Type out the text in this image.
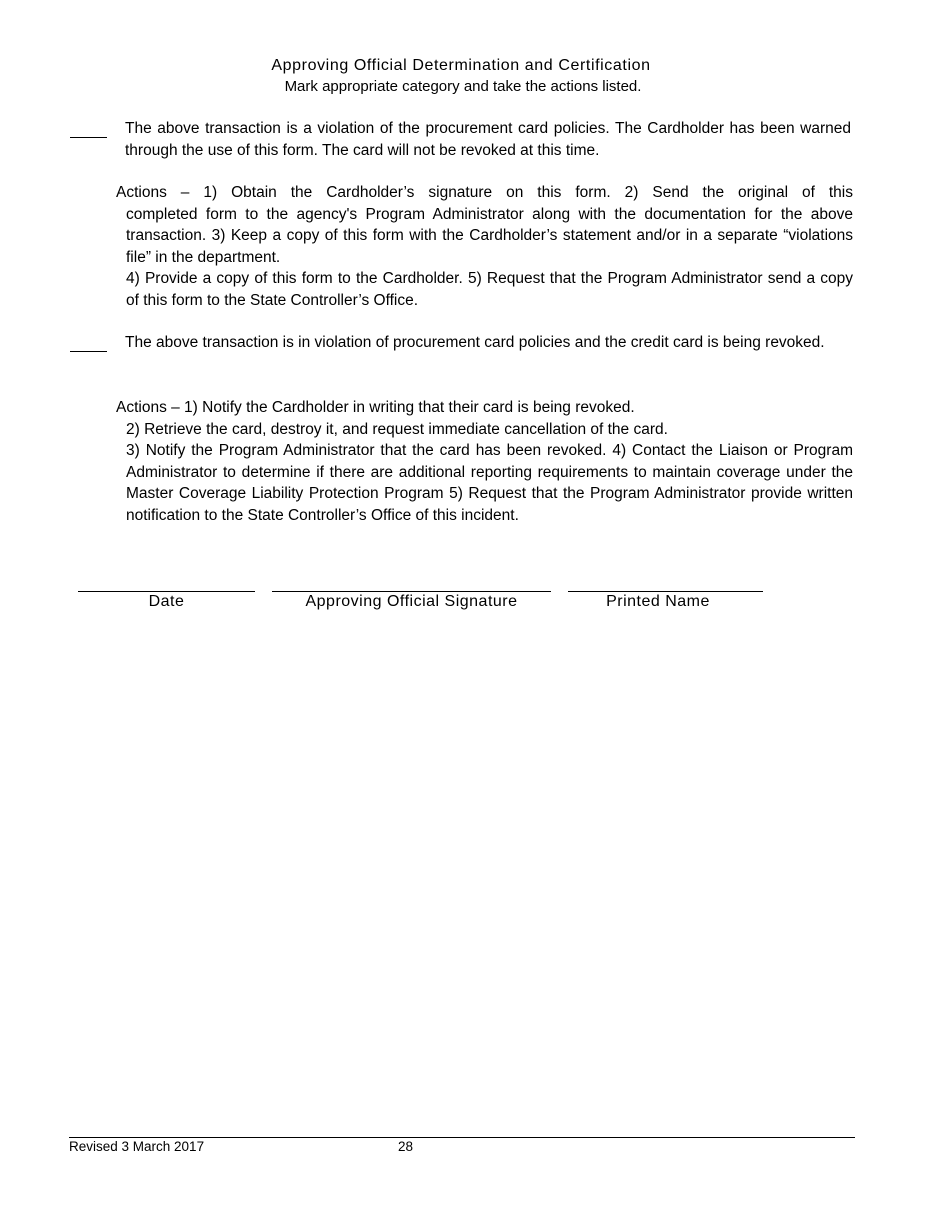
Approving Official Determination and Certification
Mark appropriate category and take the actions listed.
The above transaction is a violation of the procurement card policies. The Cardholder has been warned through the use of this form. The card will not be revoked at this time.
Actions – 1) Obtain the Cardholder’s signature on this form. 2) Send the original of this
completed form to the agency's Program Administrator along with the documentation for the above transaction. 3) Keep a copy of this form with the Cardholder’s statement and/or in a separate “violations file” in the department.
4) Provide a copy of this form to the Cardholder. 5) Request that the Program Administrator send a copy of this form to the State Controller’s Office.
The above transaction is in violation of procurement card policies and the credit card is being revoked.
Actions – 1) Notify the Cardholder in writing that their card is being revoked.
2) Retrieve the card, destroy it, and request immediate cancellation of the card.
3) Notify the Program Administrator that the card has been revoked. 4) Contact the Liaison or Program Administrator to determine if there are additional reporting requirements to maintain coverage under the Master Coverage Liability Protection Program 5) Request that the Program Administrator provide written notification to the State Controller’s Office of this incident.
Date	Approving Official Signature	Printed Name
Revised 3 March 2017	28
